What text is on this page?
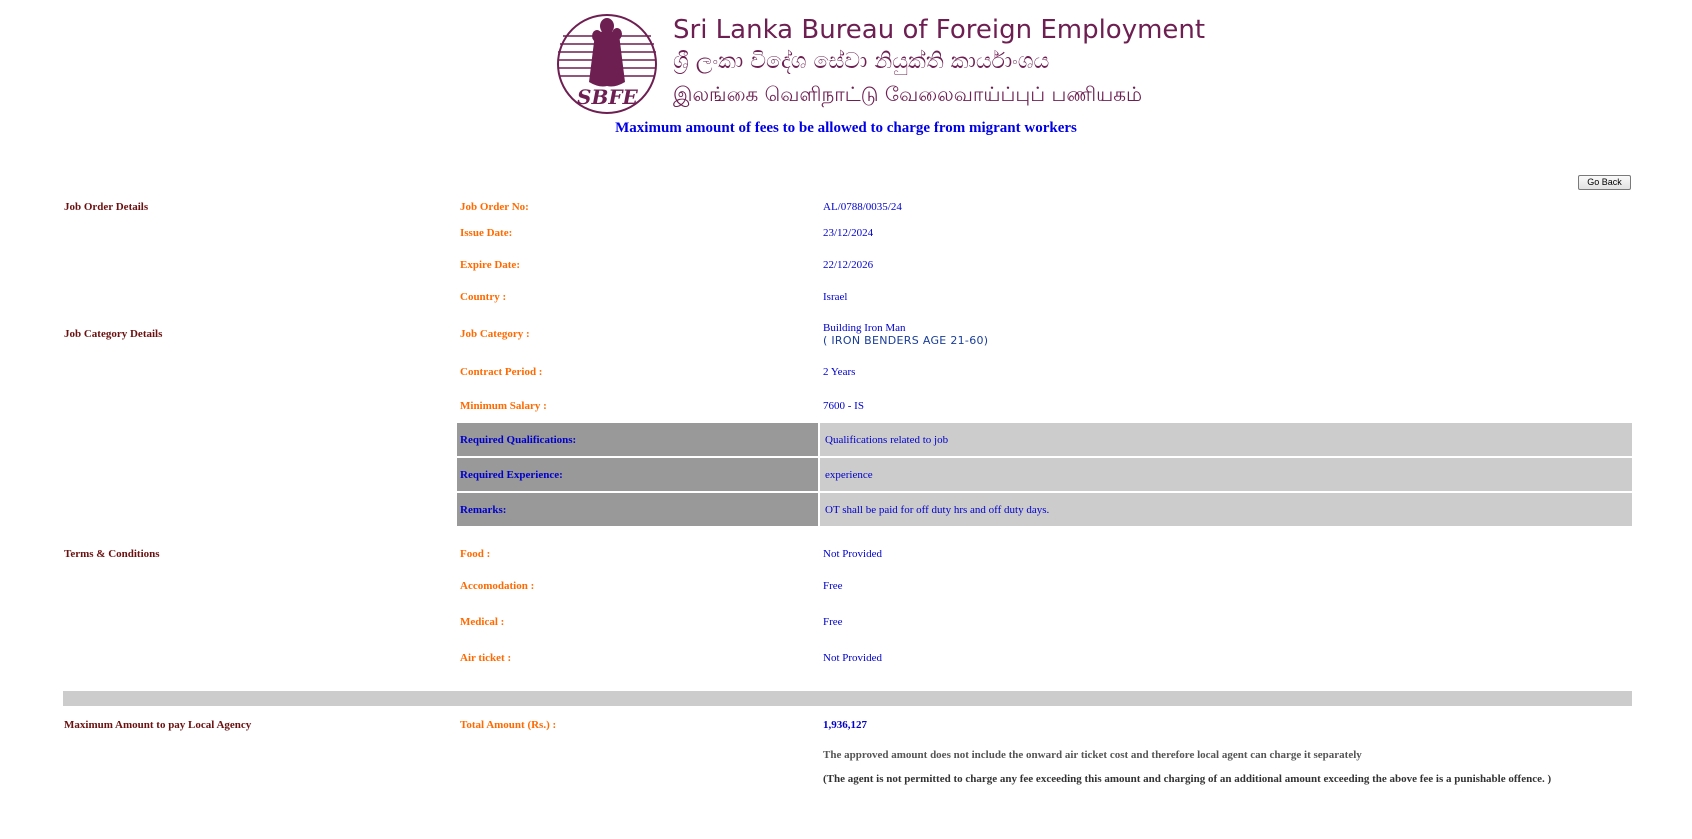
SBFE
Sri Lanka Bureau of Foreign Employment
ශ්‍රී ලංකා විදේශ සේවා නියුක්ති කාර්යාංශය
இலங்கை வெளிநாட்டு வேலைவாய்ப்புப் பணியகம்
Maximum amount of fees to be allowed to charge from migrant workers
Go Back
Job Order Details	Job Order No:	AL/0788/0035/24
Issue Date:	23/12/2024
Expire Date:	22/12/2026
Country :	Israel
Job Category Details	Job Category :
Building Iron Man
( IRON BENDERS AGE 21-60)
Contract Period :	2 Years
Minimum Salary :	7600 - IS
Required Qualifications:	Qualifications related to job
Required Experience:	experience
Remarks:	OT shall be paid for off duty hrs and off duty days.
Terms & Conditions	Food :	Not Provided
Accomodation :	Free
Medical :	Free
Air ticket :	Not Provided
Maximum Amount to pay Local Agency	Total Amount (Rs.) :	1,936,127
The approved amount does not include the onward air ticket cost and therefore local agent can charge it separately
(The agent is not permitted to charge any fee exceeding this amount and charging of an additional amount exceeding the above fee is a punishable offence. )
